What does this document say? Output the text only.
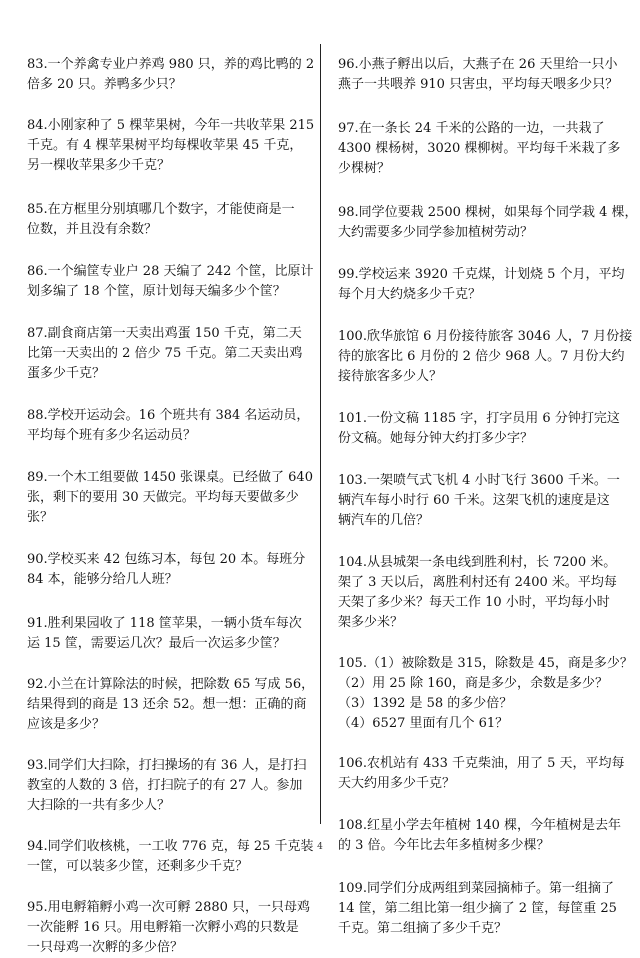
83.一个养禽专业户养鸡 980 只，养的鸡比鸭的 2
倍多 20 只。养鸭多少只？
84.小刚家种了 5 棵苹果树，今年一共收苹果 215
千克。有 4 棵苹果树平均每棵收苹果 45 千克，
另一棵收苹果多少千克？
85.在方框里分别填哪几个数字，才能使商是一
位数，并且没有余数？
86.一个编筐专业户 28 天编了 242 个筐，比原计
划多编了 18 个筐，原计划每天编多少个筐？
87.副食商店第一天卖出鸡蛋 150 千克，第二天
比第一天卖出的 2 倍少 75 千克。第二天卖出鸡
蛋多少千克？
88.学校开运动会。16 个班共有 384 名运动员，
平均每个班有多少名运动员？
89.一个木工组要做 1450 张课桌。已经做了 640
张，剩下的要用 30 天做完。平均每天要做多少
张？
90.学校买来 42 包练习本，每包 20 本。每班分
84 本，能够分给几人班？
91.胜利果园收了 118 筐苹果，一辆小货车每次
运 15 筐，需要运几次？最后一次运多少筐？
92.小兰在计算除法的时候，把除数 65 写成 56，
结果得到的商是 13 还余 52。想一想：正确的商
应该是多少？
93.同学们大扫除，打扫操场的有 36 人，是打扫
教室的人数的 3 倍，打扫院子的有 27 人。参加
大扫除的一共有多少人？
94.同学们收核桃，一工收 776 克，每 25 千克装
一筐，可以装多少筐，还剩多少千克？
95.用电孵箱孵小鸡一次可孵 2880 只，一只母鸡
一次能孵 16 只。用电孵箱一次孵小鸡的只数是
一只母鸡一次孵的多少倍？
96.小燕子孵出以后，大燕子在 26 天里给一只小
燕子一共喂养 910 只害虫，平均每天喂多少只？
97.在一条长 24 千米的公路的一边，一共栽了
4300 棵杨树，3020 棵柳树。平均每千米栽了多
少棵树？
98.同学位要栽 2500 棵树，如果每个同学栽 4 棵，
大约需要多少同学参加植树劳动？
99.学校运来 3920 千克煤，计划烧 5 个月，平均
每个月大约烧多少千克？
100.欣华旅馆 6 月份接待旅客 3046 人，7 月份接
待的旅客比 6 月份的 2 倍少 968 人。7 月份大约
接待旅客多少人？
101.一份文稿 1185 字，打字员用 6 分钟打完这
份文稿。她每分钟大约打多少字？
103.一架喷气式飞机 4 小时飞行 3600 千米。一
辆汽车每小时行 60 千米。这架飞机的速度是这
辆汽车的几倍？
104.从县城架一条电线到胜利村，长 7200 米。
架了 3 天以后，离胜利村还有 2400 米。平均每
天架了多少米？每天工作 10 小时，平均每小时
架多少米？
105.（1）被除数是 315，除数是 45，商是多少？
（2）用 25 除 160，商是多少，余数是多少？
（3）1392 是 58 的多少倍？
（4）6527 里面有几个 61？
106.农机站有 433 千克柴油，用了 5 天，平均每
天大约用多少千克？
108.红星小学去年植树 140 棵，今年植树是去年
的 3 倍。今年比去年多植树多少棵？
109.同学们分成两组到菜园摘柿子。第一组摘了
14 筐，第二组比第一组少摘了 2 筐，每筐重 25
千克。第二组摘了多少千克？
4
